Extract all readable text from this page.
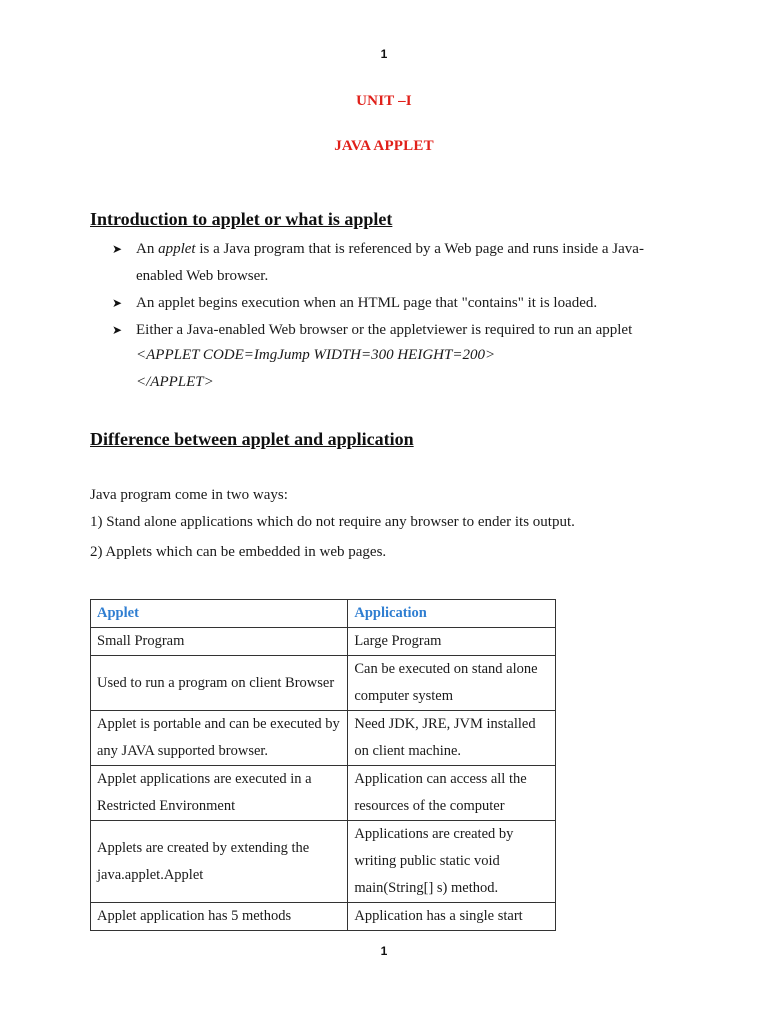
1
UNIT –I
JAVA APPLET
Introduction to applet or what is applet
➤ An applet is a Java program that is referenced by a Web page and runs inside a Java-enabled Web browser.
➤ An applet begins execution when an HTML page that "contains" it is loaded.
➤ Either a Java-enabled Web browser or the appletviewer is required to run an applet
<APPLET CODE=ImgJump WIDTH=300 HEIGHT=200>
</APPLET>
Difference between applet and application
Java program come in two ways:
1) Stand alone applications which do not require any browser to ender its output.
2) Applets which can be embedded in web pages.
Applet	Application
Small Program	Large Program
Used to run a program on client Browser	Can be executed on stand alone computer system
Applet is portable and can be executed by any JAVA supported browser.	Need JDK, JRE, JVM installed on client machine.
Applet applications are executed in a Restricted Environment	Application can access all the resources of the computer
Applets are created by extending the java.applet.Applet	Applications are created by writing public static void main(String[] s) method.
Applet application has 5 methods	Application has a single start
1
